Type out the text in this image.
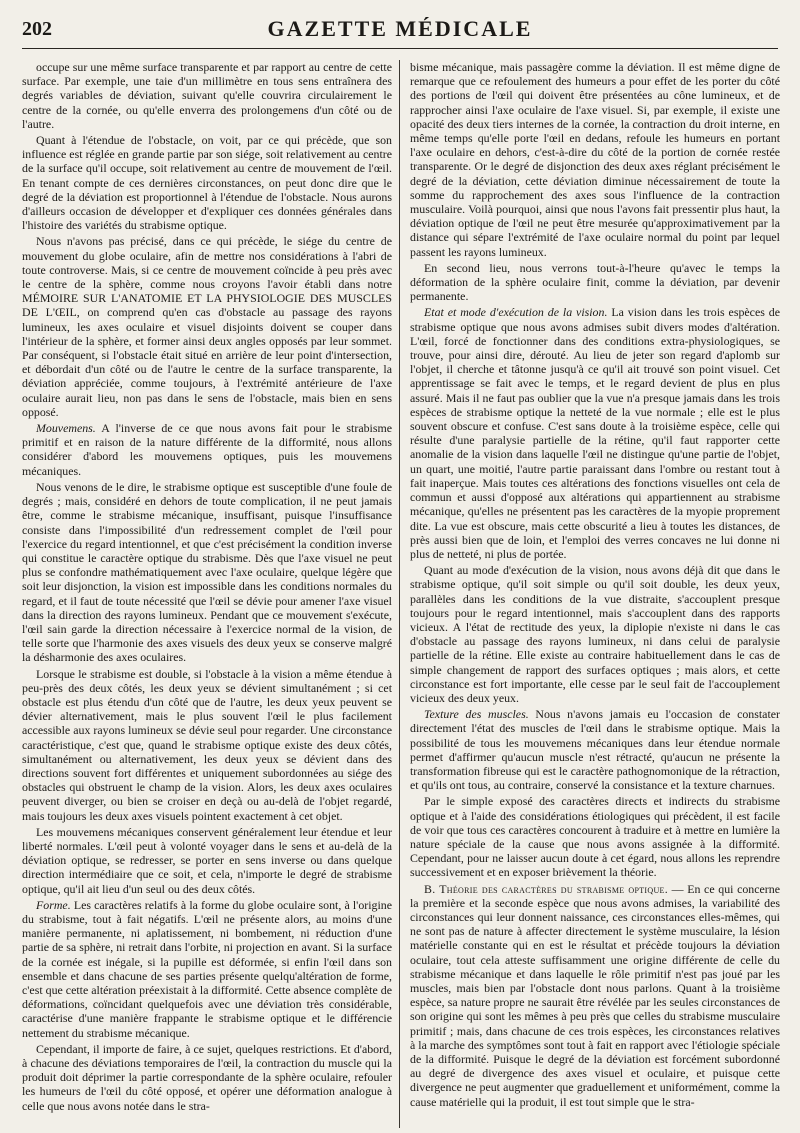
202	GAZETTE MÉDICALE

occupe sur une même surface transparente et par rapport au centre de cette surface. Par exemple, une taie d'un millimètre en tous sens entraînera des degrés variables de déviation, suivant qu'elle couvrira circulairement le centre de la cornée, ou qu'elle enverra des prolongemens d'un côté ou de l'autre.

Quant à l'étendue de l'obstacle, on voit, par ce qui précède, que son influence est réglée en grande partie par son siége, soit relativement au centre de la surface qu'il occupe, soit relativement au centre de mouvement de l'œil. En tenant compte de ces dernières circonstances, on peut donc dire que le degré de la déviation est proportionnel à l'étendue de l'obstacle. Nous aurons d'ailleurs occasion de développer et d'expliquer ces données générales dans l'histoire des variétés du strabisme optique.

Nous n'avons pas précisé, dans ce qui précède, le siége du centre de mouvement du globe oculaire, afin de mettre nos considérations à l'abri de toute controverse. Mais, si ce centre de mouvement coïncide à peu près avec le centre de la sphère, comme nous croyons l'avoir établi dans notre MÉMOIRE SUR L'ANATOMIE ET LA PHYSIOLOGIE DES MUSCLES DE L'ŒIL, on comprend qu'en cas d'obstacle au passage des rayons lumineux, les axes oculaire et visuel disjoints doivent se couper dans l'intérieur de la sphère, et former ainsi deux angles opposés par leur sommet. Par conséquent, si l'obstacle était situé en arrière de leur point d'intersection, et débordait d'un côté ou de l'autre le centre de la surface transparente, la déviation appréciée, comme toujours, à l'extrémité antérieure de l'axe oculaire aurait lieu, non pas dans le sens de l'obstacle, mais bien en sens opposé.

Mouvemens. A l'inverse de ce que nous avons fait pour le strabisme primitif et en raison de la nature différente de la difformité, nous allons considérer d'abord les mouvemens optiques, puis les mouvemens mécaniques.

Nous venons de le dire, le strabisme optique est susceptible d'une foule de degrés ; mais, considéré en dehors de toute complication, il ne peut jamais être, comme le strabisme mécanique, insuffisant, puisque l'insuffisance consiste dans l'impossibilité d'un redressement complet de l'œil pour l'exercice du regard intentionnel, et que c'est précisément la condition inverse qui constitue le caractère optique du strabisme. Dès que l'axe visuel ne peut plus se confondre mathématiquement avec l'axe oculaire, quelque légère que soit leur disjonction, la vision est impossible dans les conditions normales du regard, et il faut de toute nécessité que l'œil se dévie pour amener l'axe visuel dans la direction des rayons lumineux. Pendant que ce mouvement s'exécute, l'œil sain garde la direction nécessaire à l'exercice normal de la vision, de telle sorte que l'harmonie des axes visuels des deux yeux se conserve malgré la désharmonie des axes oculaires.

Lorsque le strabisme est double, si l'obstacle à la vision a même étendue à peu-près des deux côtés, les deux yeux se dévient simultanément ; si cet obstacle est plus étendu d'un côté que de l'autre, les deux yeux peuvent se dévier alternativement, mais le plus souvent l'œil le plus facilement accessible aux rayons lumineux se dévie seul pour regarder. Une circonstance caractéristique, c'est que, quand le strabisme optique existe des deux côtés, simultanément ou alternativement, les deux yeux se dévient dans des directions souvent fort différentes et uniquement subordonnées au siége des obstacles qui obstruent le champ de la vision. Alors, les deux axes oculaires peuvent diverger, ou bien se croiser en deçà ou au-delà de l'objet regardé, mais toujours les deux axes visuels pointent exactement à cet objet.

Les mouvemens mécaniques conservent généralement leur étendue et leur liberté normales. L'œil peut à volonté voyager dans le sens et au-delà de la déviation optique, se redresser, se porter en sens inverse ou dans quelque direction intermédiaire que ce soit, et cela, n'importe le degré de strabisme optique, qu'il ait lieu d'un seul ou des deux côtés.

Forme. Les caractères relatifs à la forme du globe oculaire sont, à l'origine du strabisme, tout à fait négatifs. L'œil ne présente alors, au moins d'une manière permanente, ni aplatissement, ni bombement, ni réduction d'une partie de sa sphère, ni retrait dans l'orbite, ni projection en avant. Si la surface de la cornée est inégale, si la pupille est déformée, si enfin l'œil dans son ensemble et dans chacune de ses parties présente quelqu'altération de forme, c'est que cette altération préexistait à la difformité. Cette absence complète de déformations, coïncidant quelquefois avec une déviation très considérable, caractérise d'une manière frappante le strabisme optique et le différencie nettement du strabisme mécanique.

Cependant, il importe de faire, à ce sujet, quelques restrictions. Et d'abord, à chacune des déviations temporaires de l'œil, la contraction du muscle qui la produit doit déprimer la partie correspondante de la sphère oculaire, refouler les humeurs de l'œil du côté opposé, et opérer une déformation analogue à celle que nous avons notée dans le stra-

bisme mécanique, mais passagère comme la déviation. Il est même digne de remarque que ce refoulement des humeurs a pour effet de les porter du côté des portions de l'œil qui doivent être présentées au cône lumineux, et de rapprocher ainsi l'axe oculaire de l'axe visuel. Si, par exemple, il existe une opacité des deux tiers internes de la cornée, la contraction du droit interne, en même temps qu'elle porte l'œil en dedans, refoule les humeurs en portant l'axe oculaire en dehors, c'est-à-dire du côté de la portion de cornée restée transparente. Or le degré de disjonction des deux axes réglant précisément le degré de la déviation, cette déviation diminue nécessairement de toute la somme du rapprochement des axes sous l'influence de la contraction musculaire. Voilà pourquoi, ainsi que nous l'avons fait pressentir plus haut, la déviation optique de l'œil ne peut être mesurée qu'approximativement par la distance qui sépare l'extrémité de l'axe oculaire normal du point par lequel passent les rayons lumineux.

En second lieu, nous verrons tout-à-l'heure qu'avec le temps la déformation de la sphère oculaire finit, comme la déviation, par devenir permanente.

Etat et mode d'exécution de la vision. La vision dans les trois espèces de strabisme optique que nous avons admises subit divers modes d'altération. L'œil, forcé de fonctionner dans des conditions extra-physiologiques, se trouve, pour ainsi dire, dérouté. Au lieu de jeter son regard d'aplomb sur l'objet, il cherche et tâtonne jusqu'à ce qu'il ait trouvé son point visuel. Cet apprentissage se fait avec le temps, et le regard devient de plus en plus assuré. Mais il ne faut pas oublier que la vue n'a presque jamais dans les trois espèces de strabisme optique la netteté de la vue normale ; elle est le plus souvent obscure et confuse. C'est sans doute à la troisième espèce, celle qui résulte d'une paralysie partielle de la rétine, qu'il faut rapporter cette anomalie de la vision dans laquelle l'œil ne distingue qu'une partie de l'objet, un quart, une moitié, l'autre partie paraissant dans l'ombre ou restant tout à fait inaperçue. Mais toutes ces altérations des fonctions visuelles ont cela de commun et aussi d'opposé aux altérations qui appartiennent au strabisme mécanique, qu'elles ne présentent pas les caractères de la myopie proprement dite. La vue est obscure, mais cette obscurité a lieu à toutes les distances, de près aussi bien que de loin, et l'emploi des verres concaves ne lui donne ni plus de netteté, ni plus de portée.

Quant au mode d'exécution de la vision, nous avons déjà dit que dans le strabisme optique, qu'il soit simple ou qu'il soit double, les deux yeux, parallèles dans les conditions de la vue distraite, s'accouplent presque toujours pour le regard intentionnel, mais s'accouplent dans des rapports vicieux. A l'état de rectitude des yeux, la diplopie n'existe ni dans le cas d'obstacle au passage des rayons lumineux, ni dans celui de paralysie partielle de la rétine. Elle existe au contraire habituellement dans le cas de simple changement de rapport des surfaces optiques ; mais alors, et cette circonstance est fort importante, elle cesse par le seul fait de l'accouplement vicieux des deux yeux.

Texture des muscles. Nous n'avons jamais eu l'occasion de constater directement l'état des muscles de l'œil dans le strabisme optique. Mais la possibilité de tous les mouvemens mécaniques dans leur étendue normale permet d'affirmer qu'aucun muscle n'est rétracté, qu'aucun ne présente la transformation fibreuse qui est le caractère pathognomonique de la rétraction, et qu'ils ont tous, au contraire, conservé la consistance et la texture charnues.

Par le simple exposé des caractères directs et indirects du strabisme optique et à l'aide des considérations étiologiques qui précèdent, il est facile de voir que tous ces caractères concourent à traduire et à mettre en lumière la nature spéciale de la cause que nous avons assignée à la difformité. Cependant, pour ne laisser aucun doute à cet égard, nous allons les reprendre successivement et en exposer brièvement la théorie.

B. Théorie des caractères du strabisme optique. — En ce qui concerne la première et la seconde espèce que nous avons admises, la variabilité des circonstances qui leur donnent naissance, ces circonstances elles-mêmes, qui ne sont pas de nature à affecter directement le système musculaire, la lésion matérielle constante qui en est le résultat et précède toujours la déviation oculaire, tout cela atteste suffisamment une origine différente de celle du strabisme mécanique et dans laquelle le rôle primitif n'est pas joué par les muscles, mais bien par l'obstacle dont nous parlons. Quant à la troisième espèce, sa nature propre ne saurait être révélée par les seules circonstances de son origine qui sont les mêmes à peu près que celles du strabisme musculaire primitif ; mais, dans chacune de ces trois espèces, les circonstances relatives à la marche des symptômes sont tout à fait en rapport avec l'étiologie spéciale de la difformité. Puisque le degré de la déviation est forcément subordonné au degré de divergence des axes visuel et oculaire, et puisque cette divergence ne peut augmenter que graduellement et uniformément, comme la cause matérielle qui la produit, il est tout simple que le stra-
